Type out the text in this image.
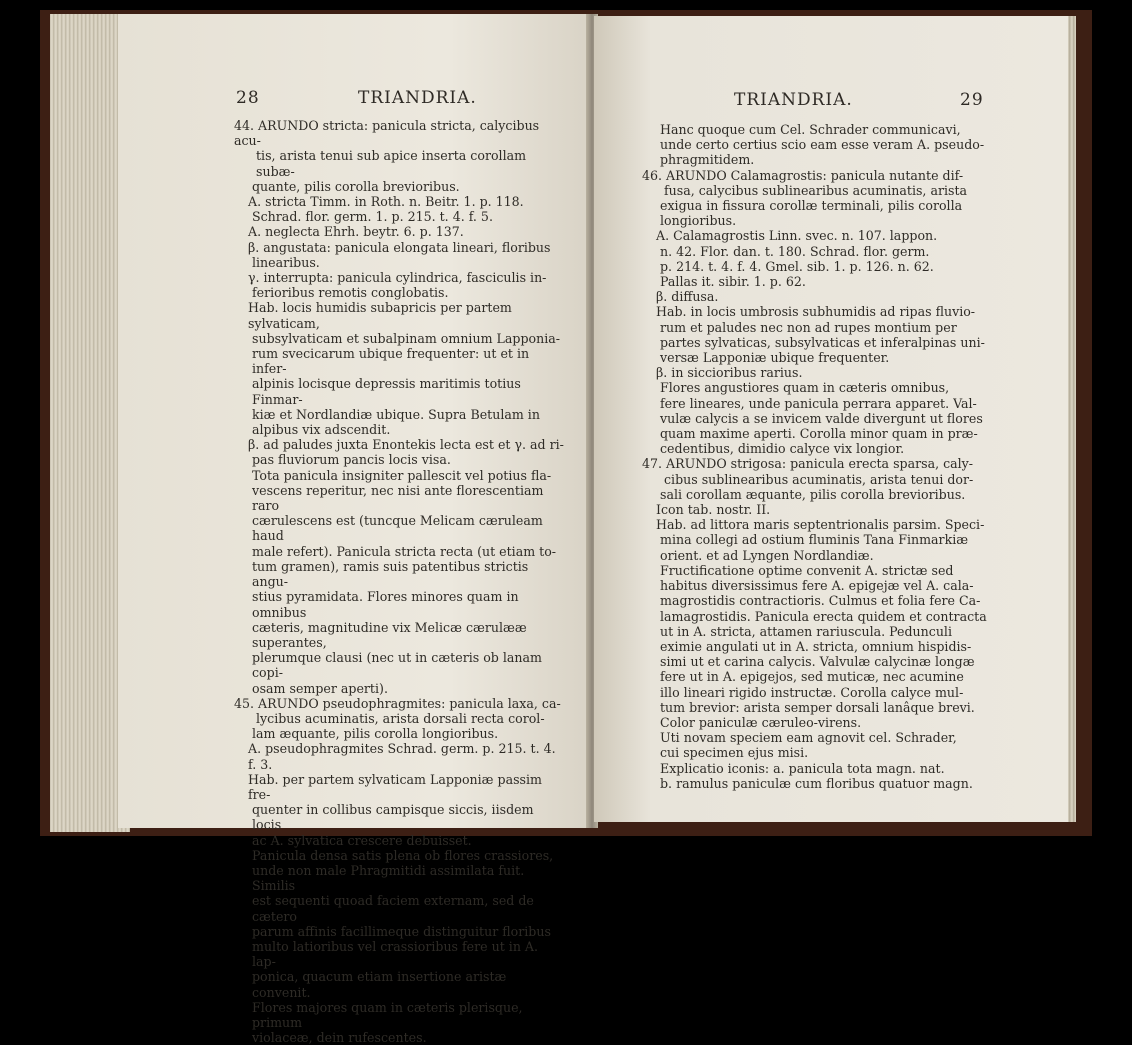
28	TRIANDRIA.

44. ARUNDO stricta: panicula stricta, calycibus acu-

tis, arista tenui sub apice inserta corollam subæ-

quante, pilis corolla brevioribus.

A. stricta Timm. in Roth. n. Beitr. 1. p. 118.

Schrad. flor. germ. 1. p. 215. t. 4. f. 5.

A. neglecta Ehrh. beytr. 6. p. 137.

β. angustata: panicula elongata lineari, floribus

linearibus.

γ. interrupta: panicula cylindrica, fasciculis in-

ferioribus remotis conglobatis.

Hab. locis humidis subapricis per partem sylvaticam,

subsylvaticam et subalpinam omnium Lapponia-

rum svecicarum ubique frequenter: ut et in infer-

alpinis locisque depressis maritimis totius Finmar-

kiæ et Nordlandiæ ubique. Supra Betulam in

alpibus vix adscendit.

β. ad paludes juxta Enontekis lecta est et γ. ad ri-

pas fluviorum pancis locis visa.

Tota panicula insigniter pallescit vel potius fla-

vescens reperitur, nec nisi ante florescentiam raro

cærulescens est (tuncque Melicam cæruleam haud

male refert). Panicula stricta recta (ut etiam to-

tum gramen), ramis suis patentibus strictis angu-

stius pyramidata. Flores minores quam in omnibus

cæteris, magnitudine vix Melicæ cærulææ superantes,

plerumque clausi (nec ut in cæteris ob lanam copi-

osam semper aperti).

45. ARUNDO pseudophragmites: panicula laxa, ca-

lycibus acuminatis, arista dorsali recta corol-

lam æquante, pilis corolla longioribus.

A. pseudophragmites Schrad. germ. p. 215. t. 4. f. 3.

Hab. per partem sylvaticam Lapponiæ passim fre-

quenter in collibus campisque siccis, iisdem locis

ac A. sylvatica crescere debuisset.

Panicula densa satis plena ob flores crassiores,

unde non male Phragmitidi assimilata fuit. Similis

est sequenti quoad faciem externam, sed de cætero

parum affinis facillimeque distinguitur floribus

multo latioribus vel crassioribus fere ut in A. lap-

ponica, quacum etiam insertione aristæ convenit.

Flores majores quam in cæteris plerisque, primum

violaceæ, dein rufescentes.

TRIANDRIA.	29

Hanc quoque cum Cel. Schrader communicavi,

unde certo certius scio eam esse veram A. pseudo-

phragmitidem.

46. ARUNDO Calamagrostis: panicula nutante dif-

fusa, calycibus sublinearibus acuminatis, arista

exigua in fissura corollæ terminali, pilis corolla

longioribus.

A. Calamagrostis Linn. svec. n. 107. lappon.

n. 42. Flor. dan. t. 180. Schrad. flor. germ.

p. 214. t. 4. f. 4. Gmel. sib. 1. p. 126. n. 62.

Pallas it. sibir. 1. p. 62.

β. diffusa.

Hab. in locis umbrosis subhumidis ad ripas fluvio-

rum et paludes nec non ad rupes montium per

partes sylvaticas, subsylvaticas et inferalpinas uni-

versæ Lapponiæ ubique frequenter.

β. in siccioribus rarius.

Flores angustiores quam in cæteris omnibus,

fere lineares, unde panicula perrara apparet. Val-

vulæ calycis a se invicem valde divergunt ut flores

quam maxime aperti. Corolla minor quam in præ-

cedentibus, dimidio calyce vix longior.

47. ARUNDO strigosa: panicula erecta sparsa, caly-

cibus sublinearibus acuminatis, arista tenui dor-

sali corollam æquante, pilis corolla brevioribus.

Icon tab. nostr. II.

Hab. ad littora maris septentrionalis parsim. Speci-

mina collegi ad ostium fluminis Tana Finmarkiæ

orient. et ad Lyngen Nordlandiæ.

Fructificatione optime convenit A. strictæ sed

habitus diversissimus fere A. epigejæ vel A. cala-

magrostidis contractioris. Culmus et folia fere Ca-

lamagrostidis. Panicula erecta quidem et contracta

ut in A. stricta, attamen rariuscula. Pedunculi

eximie angulati ut in A. stricta, omnium hispidis-

simi ut et carina calycis. Valvulæ calycinæ longæ

fere ut in A. epigejos, sed muticæ, nec acumine

illo lineari rigido instructæ. Corolla calyce mul-

tum brevior: arista semper dorsali lanâque brevi.

Color paniculæ cæruleo-virens.

Uti novam speciem eam agnovit cel. Schrader,

cui specimen ejus misi.

Explicatio iconis: a. panicula tota magn. nat.

b. ramulus paniculæ cum floribus quatuor magn.
